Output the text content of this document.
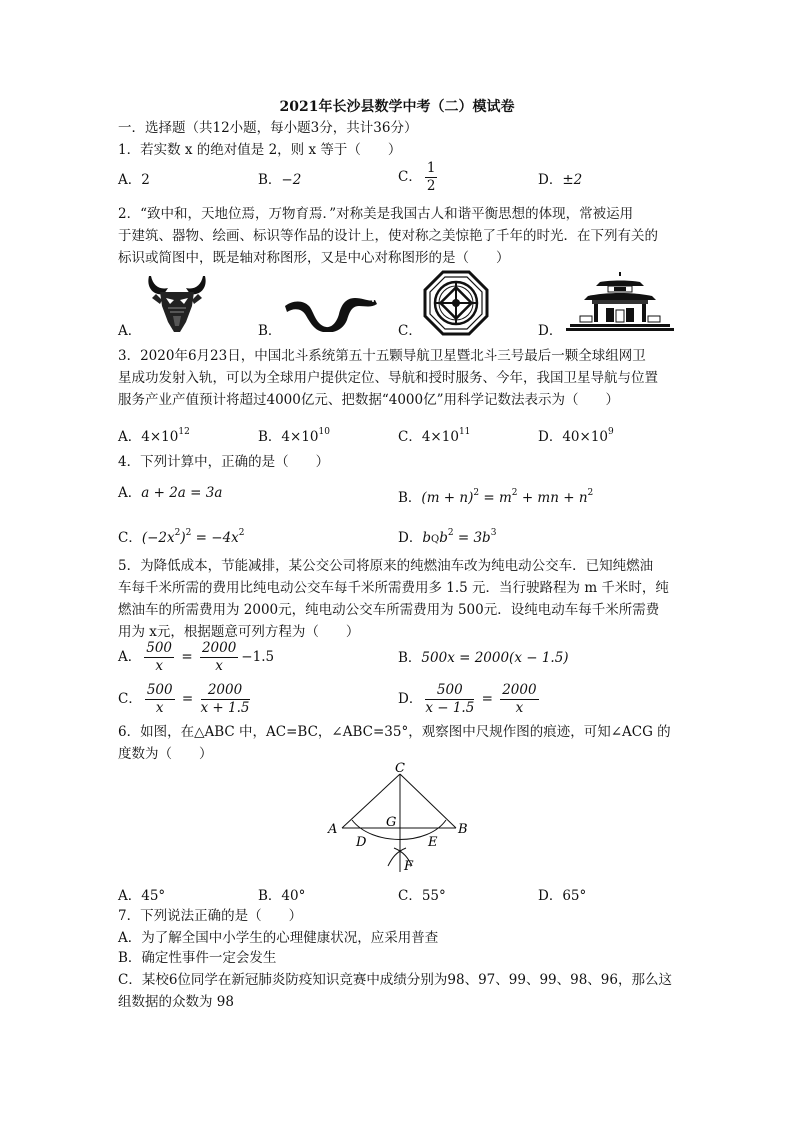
2021年长沙县数学中考（二）模试卷
一．选择题（共12小题，每小题3分，共计36分）
1．若实数 x 的绝对值是 2，则 x 等于（　　）
A．2	B．−2	C． $\frac{1}{2}$	D．±2
2．“致中和，天地位焉，万物育焉．”对称美是我国古人和谐平衡思想的体现，常被运用
于建筑、器物、绘画、标识等作品的设计上，使对称之美惊艳了千年的时光．在下列有关的
标识或简图中，既是轴对称图形，又是中心对称图形的是（　　）
A．	B．	C．	D．
3．2020年6月23日，中国北斗系统第五十五颗导航卫星暨北斗三号最后一颗全球组网卫
星成功发射入轨，可以为全球用户提供定位、导航和授时服务、今年，我国卫星导航与位置
服务产业产值预计将超过4000亿元、把数据“4000亿”用科学记数法表示为（　　）
A．$4\times 10^{12}$	B．$4\times 10^{10}$	C．$4\times 10^{11}$	D．$40\times 10^9$
4．下列计算中，正确的是（　　）
A．a + 2a = 3a	B．$(m + n)^2 = m^2$ + mn + $n^2$
C．$(-2x^2)^2 = -4x^2$	D．$bQb^2 = 3b^3$
5．为降低成本，节能减排，某公交公司将原来的纯燃油车改为纯电动公交车．已知纯燃油
车每千米所需的费用比纯电动公交车每千米所需费用多 1.5 元．当行驶路程为 m 千米时，纯
燃油车的所需费用为 2000元，纯电动公交车所需费用为 500元．设纯电动车每千米所需费
用为 x元，根据题意可列方程为（　　）
A． $\frac{500}{x} = \frac{2000}{x} -1.5$	B．500x = 2000(x − 1.5)
C． $\frac{500}{x} = \frac{2000}{x + 1.5}$	D． $\frac{500}{x - 1.5} = \frac{2000}{x}$
6．如图，在△ABC 中，AC=BC，∠ABC=35°，观察图中尺规作图的痕迹，可知∠ACG 的
度数为（　　）
C
A	B
G
D	E
F
A．45°	B．40°	C．55°	D．65°
7．下列说法正确的是（　　）
A．为了解全国中小学生的心理健康状况，应采用普查
B．确定性事件一定会发生
C．某校6位同学在新冠肺炎防疫知识竞赛中成绩分别为98、97、99、99、98、96，那么这
组数据的众数为 98
